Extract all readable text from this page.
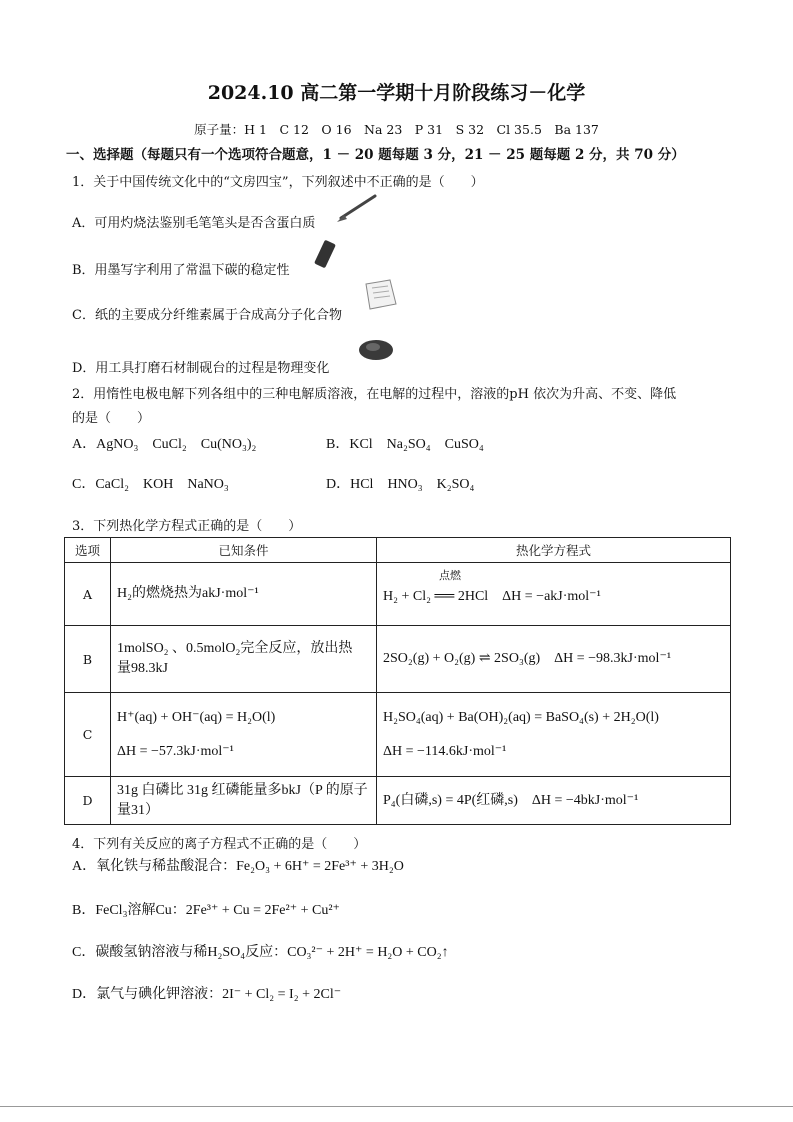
2024.10 高二第一学期十月阶段练习－化学
原子量：H 1　C 12　O 16　Na 23　P 31　S 32　Cl 35.5　Ba 137
一、选择题（每题只有一个选项符合题意，1 － 20 题每题 3 分，21 － 25 题每题 2 分，共 70 分）
1．关于中国传统文化中的“文房四宝”，下列叙述中不正确的是（　　）
A．可用灼烧法鉴别毛笔笔头是否含蛋白质
B．用墨写字利用了常温下碳的稳定性
C．纸的主要成分纤维素属于合成高分子化合物
D．用工具打磨石材制砚台的过程是物理变化
2．用惰性电极电解下列各组中的三种电解质溶液，在电解的过程中，溶液的pH 依次为升高、不变、降低
的是（　　）
A．AgNO₃　CuCl₂　Cu(NO₃)₂	B．KCl　Na₂SO₄　CuSO₄
C．CaCl₂　KOH　NaNO₃	D．HCl　HNO₃　K₂SO₄
3．下列热化学方程式正确的是（　　）
选项	已知条件	热化学方程式
A	H₂的燃烧热为akJ·mol⁻¹	点燃
H₂ + Cl₂ ══ 2HCl　ΔH = −akJ·mol⁻¹

B	1molSO₂ 、0.5molO₂完全反应，放出热
量98.3kJ	2SO₂(g) + O₂(g) ⇌ 2SO₃(g)　ΔH = −98.3kJ·mol⁻¹

C	H⁺(aq) + OH⁻(aq) = H₂O(l)
ΔH = −57.3kJ·mol⁻¹	H₂SO₄(aq) + Ba(OH)₂(aq) = BaSO₄(s) + 2H₂O(l)
ΔH = −114.6kJ·mol⁻¹

D	31g 白磷比 31g 红磷能量多bkJ（P 的原子
量31）	P₄(白磷,s) = 4P(红磷,s)　ΔH = −4bkJ·mol⁻¹
4．下列有关反应的离子方程式不正确的是（　　）
A．氧化铁与稀盐酸混合：Fe₂O₃ + 6H⁺ = 2Fe³⁺ + 3H₂O
B．FeCl₃溶解Cu：2Fe³⁺ + Cu = 2Fe²⁺ + Cu²⁺
C．碳酸氢钠溶液与稀H₂SO₄反应：CO₃²⁻ + 2H⁺ = H₂O + CO₂↑
D．氯气与碘化钾溶液：2I⁻ + Cl₂ = I₂ + 2Cl⁻
